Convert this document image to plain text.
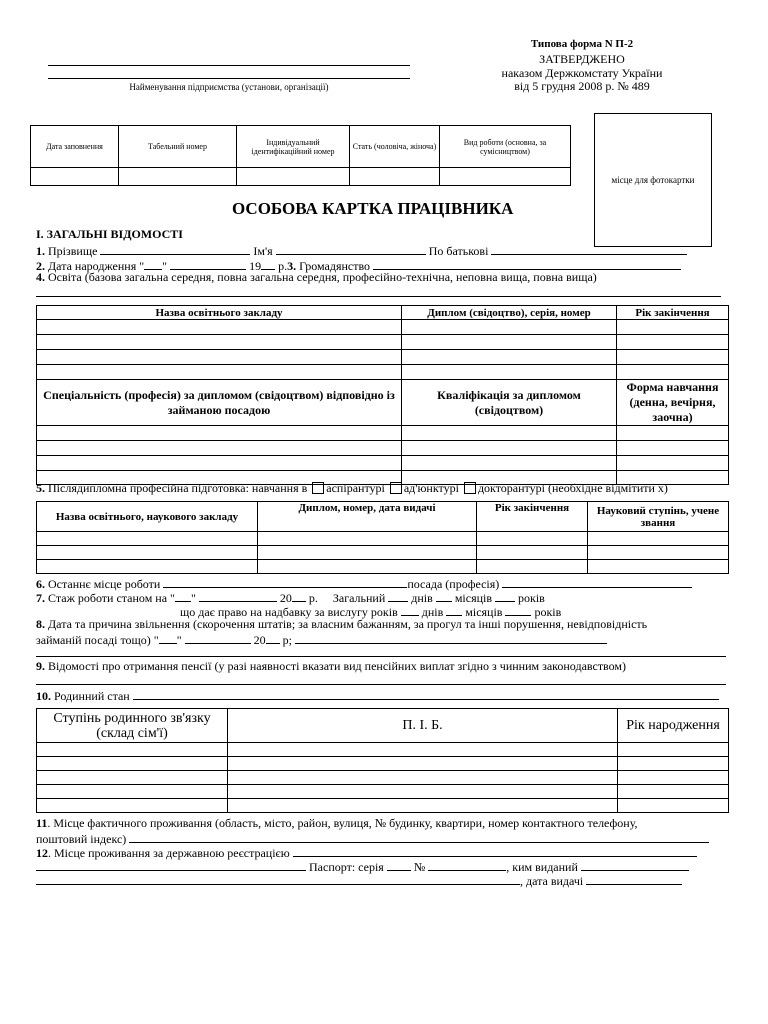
Найменування підприємства (установи, організації)
Типова форма N П-2
ЗАТВЕРДЖЕНО
наказом Держкомстату України
від 5 грудня 2008 р. № 489
Дата заповнення	Табельний номер	Індивідуальний ідентифікаційний номер	Стать (чоловіча, жіноча)	Вид роботи (основна, за сумісництвом)

місце для фотокартки
ОСОБОВА КАРТКА ПРАЦІВНИКА
І. ЗАГАЛЬНІ ВІДОМОСТІ
1. Прізвище	Ім'я	По батькові
2. Дата народження " "	19 р.3. Громадянство
4. Освіта (базова загальна середня, повна загальна середня, професійно-технічна, неповна вища, повна вища)
Назва освітнього закладу	Диплом (свідоцтво), серія, номер	Рік закінчення

Спеціальність (професія) за дипломом (свідоцтвом) відповідно із займаною посадою	Кваліфікація за дипломом (свідоцтвом)	Форма навчання (денна, вечірня, заочна)

5. Післядипломна професійна підготовка: навчання в аспірантурі ад'юнктурі докторантурі (необхідне відмітити х)
Назва освітнього, наукового закладу	Диплом, номер, дата видачі	Рік закінчення	Науковий ступінь, учене звання

6. Останнє місце роботи	посада (професія)
7. Стаж роботи станом на " "	20 р. Загальний днів місяців років
що дає право на надбавку за вислугу років днів місяців	років
8. Дата та причина звільнення (скорочення штатів; за власним бажанням, за прогул та інші порушення, невідповідність
займаній посаді тощо) " "	20 р;
9. Відомості про отримання пенсії (у разі наявності вказати вид пенсійних виплат згідно з чинним законодавством)
10. Родинний стан
Ступінь родинного зв'язку (склад сім'ї)	П. І. Б.	Рік народження

11. Місце фактичного проживання (область, місто, район, вулиця, № будинку, квартири, номер контактного телефону,
поштовий індекс)
12. Місце проживання за державною реєстрацією
Паспорт: серія	№	, ким виданий
, дата видачі
